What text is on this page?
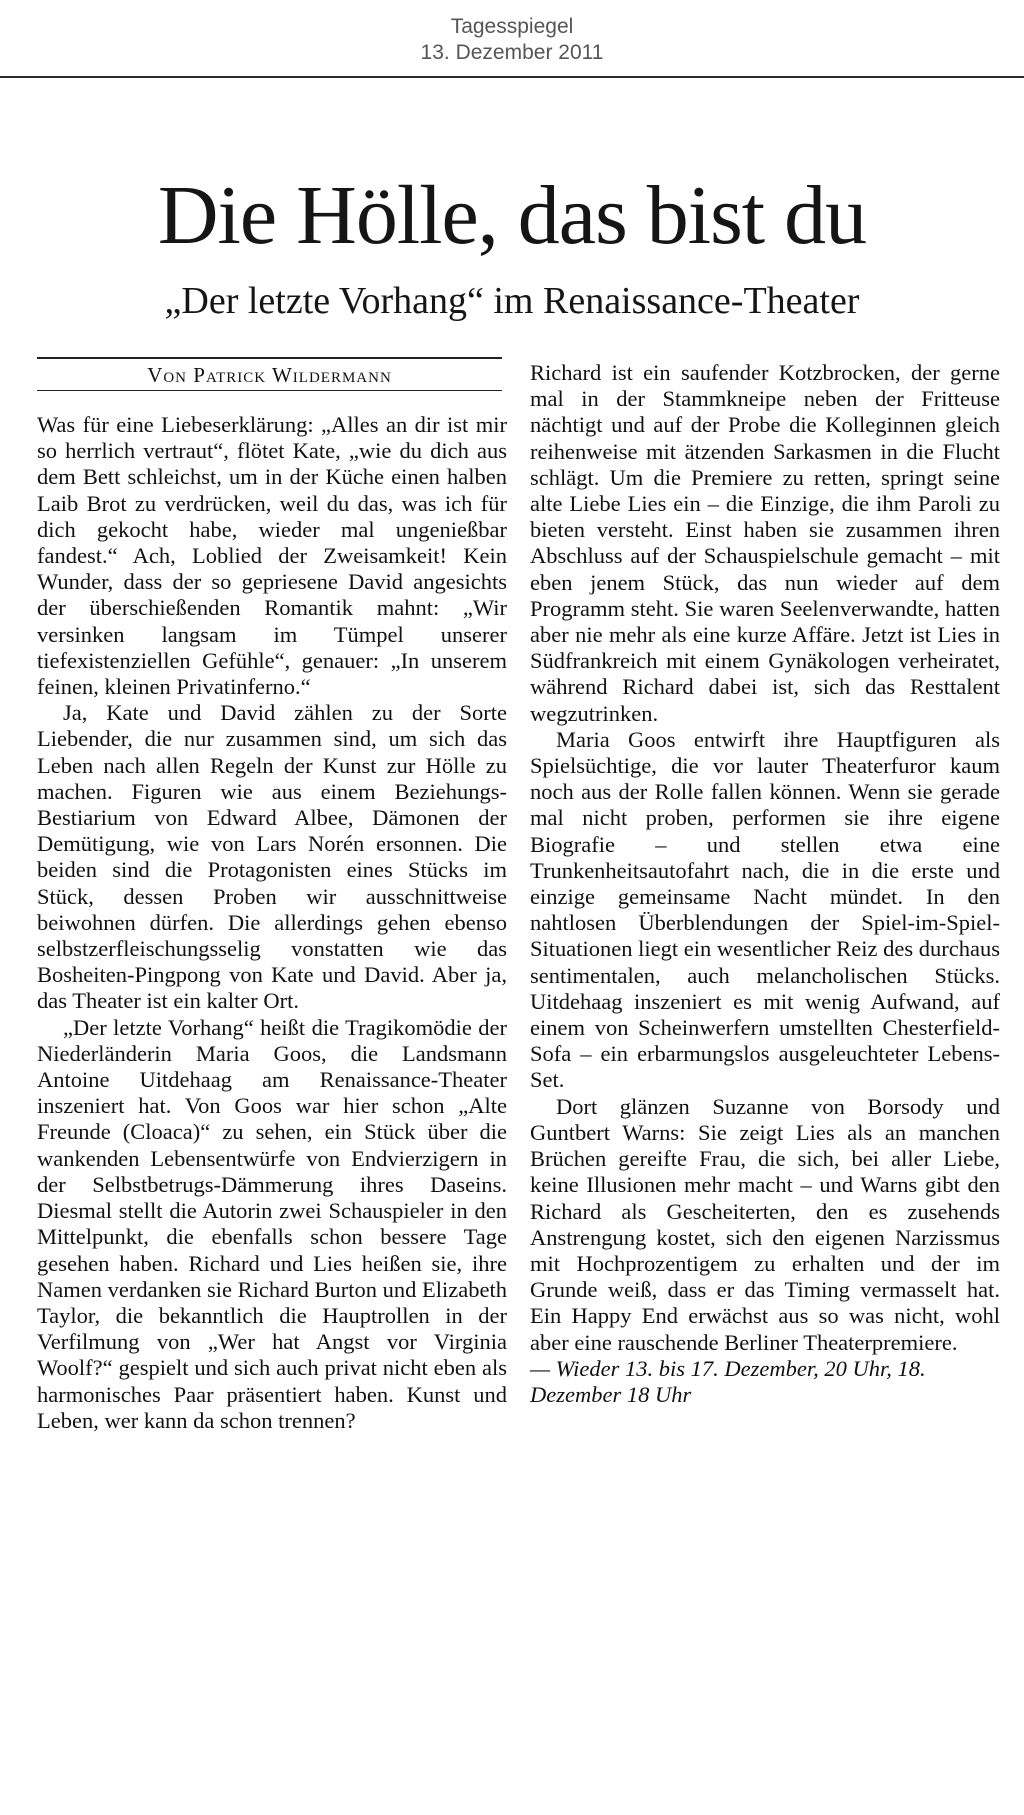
Tagesspiegel
13. Dezember 2011
Die Hölle, das bist du
„Der letzte Vorhang“ im Renaissance-Theater
Von Patrick Wildermann

Was für eine Liebeserklärung: „Alles an dir ist mir so herrlich vertraut“, flötet Kate, „wie du dich aus dem Bett schleichst, um in der Küche einen halben Laib Brot zu verdrücken, weil du das, was ich für dich gekocht habe, wieder mal ungenießbar fandest.“ Ach, Loblied der Zweisamkeit! Kein Wunder, dass der so gepriesene David angesichts der überschießenden Romantik mahnt: „Wir versinken langsam im Tümpel unserer tiefexistenziellen Gefühle“, genauer: „In unserem feinen, kleinen Privatinferno.“

Ja, Kate und David zählen zu der Sorte Liebender, die nur zusammen sind, um sich das Leben nach allen Regeln der Kunst zur Hölle zu machen. Figuren wie aus einem Beziehungs-Bestiarium von Edward Albee, Dämonen der Demütigung, wie von Lars Norén ersonnen. Die beiden sind die Protagonisten eines Stücks im Stück, dessen Proben wir ausschnittweise beiwohnen dürfen. Die allerdings gehen ebenso selbstzerfleischungsselig vonstatten wie das Bosheiten-Pingpong von Kate und David. Aber ja, das Theater ist ein kalter Ort.

„Der letzte Vorhang“ heißt die Tragikomödie der Niederländerin Maria Goos, die Landsmann Antoine Uitdehaag am Renaissance-Theater inszeniert hat. Von Goos war hier schon „Alte Freunde (Cloaca)“ zu sehen, ein Stück über die wankenden Lebensentwürfe von Endvierzigern in der Selbstbetrugs-Dämmerung ihres Daseins. Diesmal stellt die Autorin zwei Schauspieler in den Mittelpunkt, die ebenfalls schon bessere Tage gesehen haben. Richard und Lies heißen sie, ihre Namen verdanken sie Richard Burton und Elizabeth Taylor, die bekanntlich die Hauptrollen in der Verfilmung von „Wer hat Angst vor Virginia Woolf?“ gespielt und sich auch privat nicht eben als harmonisches Paar präsentiert haben. Kunst und Leben, wer kann da schon trennen?

Richard ist ein saufender Kotzbrocken, der gerne mal in der Stammkneipe neben der Fritteuse nächtigt und auf der Probe die Kolleginnen gleich reihenweise mit ätzenden Sarkasmen in die Flucht schlägt. Um die Premiere zu retten, springt seine alte Liebe Lies ein – die Einzige, die ihm Paroli zu bieten versteht. Einst haben sie zusammen ihren Abschluss auf der Schauspielschule gemacht – mit eben jenem Stück, das nun wieder auf dem Programm steht. Sie waren Seelenverwandte, hatten aber nie mehr als eine kurze Affäre. Jetzt ist Lies in Südfrankreich mit einem Gynäkologen verheiratet, während Richard dabei ist, sich das Resttalent wegzutrinken.

Maria Goos entwirft ihre Hauptfiguren als Spielsüchtige, die vor lauter Theaterfuror kaum noch aus der Rolle fallen können. Wenn sie gerade mal nicht proben, performen sie ihre eigene Biografie – und stellen etwa eine Trunkenheitsautofahrt nach, die in die erste und einzige gemeinsame Nacht mündet. In den nahtlosen Überblendungen der Spiel-im-Spiel-Situationen liegt ein wesentlicher Reiz des durchaus sentimentalen, auch melancholischen Stücks. Uitdehaag inszeniert es mit wenig Aufwand, auf einem von Scheinwerfern umstellten Chesterfield-Sofa – ein erbarmungslos ausgeleuchteter Lebens-Set.

Dort glänzen Suzanne von Borsody und Guntbert Warns: Sie zeigt Lies als an manchen Brüchen gereifte Frau, die sich, bei aller Liebe, keine Illusionen mehr macht – und Warns gibt den Richard als Gescheiterten, den es zusehends Anstrengung kostet, sich den eigenen Narzissmus mit Hochprozentigem zu erhalten und der im Grunde weiß, dass er das Timing vermasselt hat. Ein Happy End erwächst aus so was nicht, wohl aber eine rauschende Berliner Theaterpremiere.

— Wieder 13. bis 17. Dezember, 20 Uhr, 18. Dezember 18 Uhr
